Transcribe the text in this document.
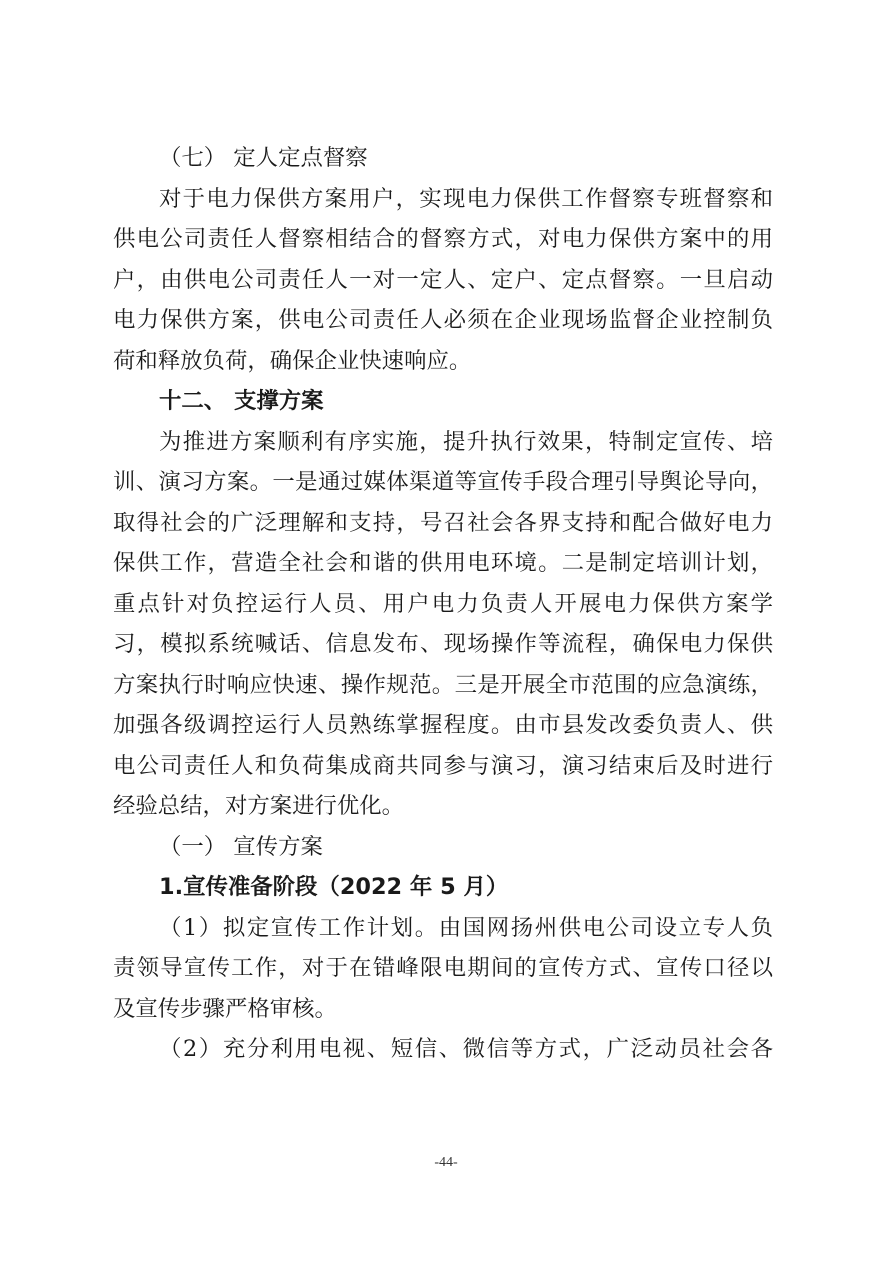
（七） 定人定点督察
对于电力保供方案用户，实现电力保供工作督察专班督察和
供电公司责任人督察相结合的督察方式，对电力保供方案中的用
户，由供电公司责任人一对一定人、定户、定点督察。一旦启动
电力保供方案，供电公司责任人必须在企业现场监督企业控制负
荷和释放负荷，确保企业快速响应。
十二、 支撑方案
为推进方案顺利有序实施，提升执行效果，特制定宣传、培
训、演习方案。一是通过媒体渠道等宣传手段合理引导舆论导向，
取得社会的广泛理解和支持，号召社会各界支持和配合做好电力
保供工作，营造全社会和谐的供用电环境。二是制定培训计划，
重点针对负控运行人员、用户电力负责人开展电力保供方案学
习，模拟系统喊话、信息发布、现场操作等流程，确保电力保供
方案执行时响应快速、操作规范。三是开展全市范围的应急演练，
加强各级调控运行人员熟练掌握程度。由市县发改委负责人、供
电公司责任人和负荷集成商共同参与演习，演习结束后及时进行
经验总结，对方案进行优化。
（一） 宣传方案
1.宣传准备阶段（2022 年 5 月）
（1）拟定宣传工作计划。由国网扬州供电公司设立专人负
责领导宣传工作，对于在错峰限电期间的宣传方式、宣传口径以
及宣传步骤严格审核。
（2）充分利用电视、短信、微信等方式，广泛动员社会各
-44-
